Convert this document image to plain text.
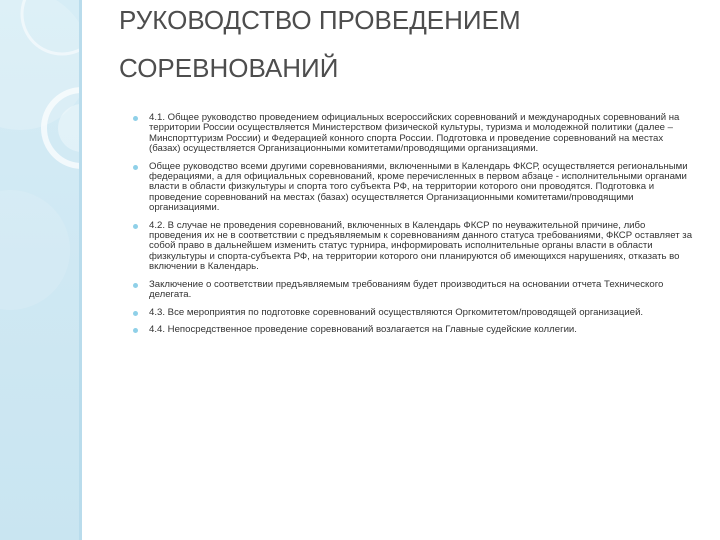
РУКОВОДСТВО ПРОВЕДЕНИЕМ
СОРЕВНОВАНИЙ
4.1. Общее руководство проведением официальных всероссийских соревнований и международных соревнований на территории России осуществляется Министерством физической культуры, туризма и молодежной политики (далее – Минспорттуризм России) и Федерацией конного спорта России. Подготовка и проведение соревнований на местах (базах) осуществляется Организационными комитетами/проводящими организациями.
Общее руководство всеми другими соревнованиями, включенными в Календарь ФКСР, осуществляется региональными федерациями, а для официальных соревнований, кроме перечисленных в первом абзаце - исполнительными органами власти в области физкультуры и спорта того субъекта РФ, на территории которого они проводятся. Подготовка и проведение соревнований на местах (базах) осуществляется Организационными комитетами/проводящими организациями.
4.2. В случае не проведения соревнований, включенных в Календарь ФКСР по неуважительной причине, либо проведения их не в соответствии с предъявляемым к соревнованиям данного статуса требованиями, ФКСР оставляет за собой право в дальнейшем изменить статус турнира, информировать исполнительные органы власти в области физкультуры и спорта-субъекта РФ, на территории которого они планируются об имеющихся нарушениях, отказать во включении в Календарь.
Заключение о соответствии предъявляемым требованиям будет производиться на основании отчета Технического делегата.
4.3. Все мероприятия по подготовке соревнований осуществляются Оргкомитетом/проводящей организацией.
4.4. Непосредственное проведение соревнований возлагается на Главные судейские коллегии.
